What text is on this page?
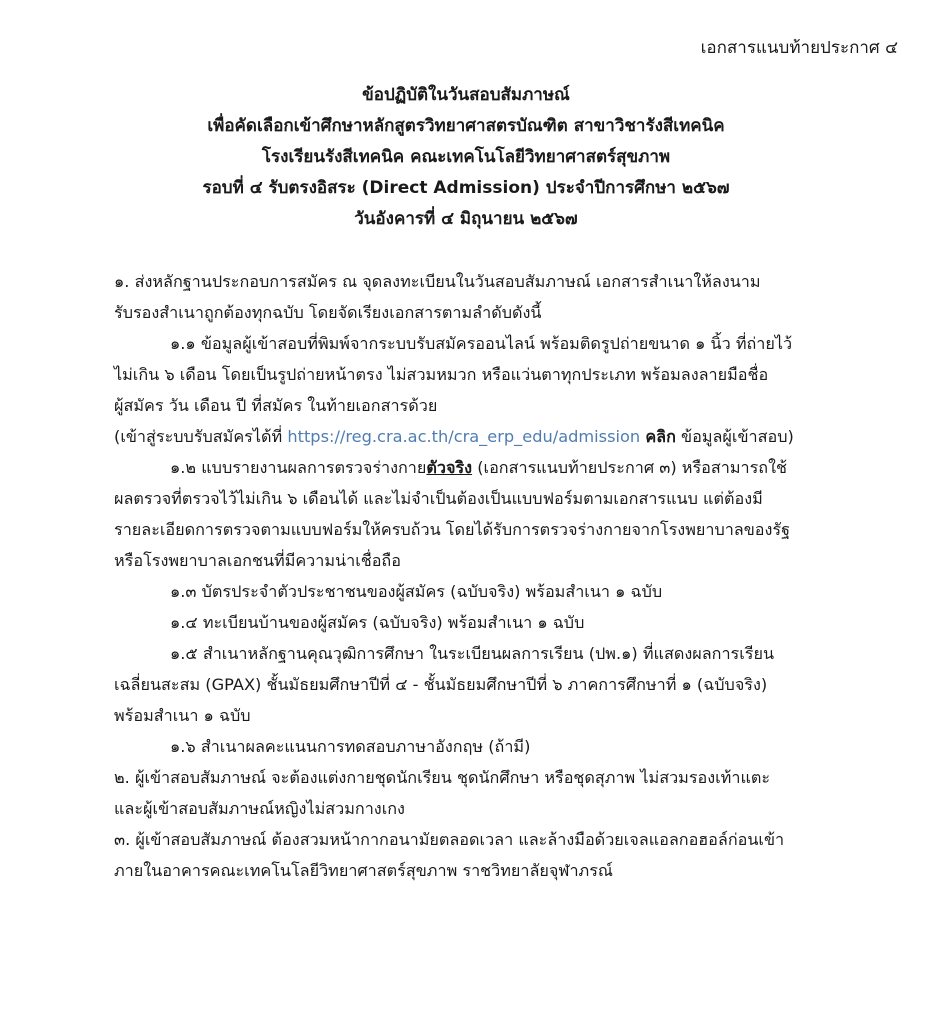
เอกสารแนบท้ายประกาศ ๔
ข้อปฏิบัติในวันสอบสัมภาษณ์
เพื่อคัดเลือกเข้าศึกษาหลักสูตรวิทยาศาสตรบัณฑิต สาขาวิชารังสีเทคนิค
โรงเรียนรังสีเทคนิค คณะเทคโนโลยีวิทยาศาสตร์สุขภาพ
รอบที่ ๔ รับตรงอิสระ (Direct Admission) ประจำปีการศึกษา ๒๕๖๗
วันอังคารที่ ๔ มิถุนายน ๒๕๖๗
๑. ส่งหลักฐานประกอบการสมัคร ณ จุดลงทะเบียนในวันสอบสัมภาษณ์ เอกสารสำเนาให้ลงนาม
รับรองสำเนาถูกต้องทุกฉบับ โดยจัดเรียงเอกสารตามลำดับดังนี้
๑.๑ ข้อมูลผู้เข้าสอบที่พิมพ์จากระบบรับสมัครออนไลน์ พร้อมติดรูปถ่ายขนาด ๑ นิ้ว ที่ถ่ายไว้
ไม่เกิน ๖ เดือน โดยเป็นรูปถ่ายหน้าตรง ไม่สวมหมวก หรือแว่นตาทุกประเภท พร้อมลงลายมือชื่อ
ผู้สมัคร วัน เดือน ปี ที่สมัคร ในท้ายเอกสารด้วย
(เข้าสู่ระบบรับสมัครได้ที่ https://reg.cra.ac.th/cra_erp_edu/admission คลิก ข้อมูลผู้เข้าสอบ)
๑.๒ แบบรายงานผลการตรวจร่างกายตัวจริง (เอกสารแนบท้ายประกาศ ๓) หรือสามารถใช้
ผลตรวจที่ตรวจไว้ไม่เกิน ๖ เดือนได้ และไม่จำเป็นต้องเป็นแบบฟอร์มตามเอกสารแนบ แต่ต้องมี
รายละเอียดการตรวจตามแบบฟอร์มให้ครบถ้วน โดยได้รับการตรวจร่างกายจากโรงพยาบาลของรัฐ
หรือโรงพยาบาลเอกชนที่มีความน่าเชื่อถือ
๑.๓ บัตรประจำตัวประชาชนของผู้สมัคร (ฉบับจริง) พร้อมสำเนา ๑ ฉบับ
๑.๔ ทะเบียนบ้านของผู้สมัคร (ฉบับจริง) พร้อมสำเนา ๑ ฉบับ
๑.๕ สำเนาหลักฐานคุณวุฒิการศึกษา ในระเบียนผลการเรียน (ปพ.๑) ที่แสดงผลการเรียน
เฉลี่ยนสะสม (GPAX) ชั้นมัธยมศึกษาปีที่ ๔ - ชั้นมัธยมศึกษาปีที่ ๖ ภาคการศึกษาที่ ๑ (ฉบับจริง)
พร้อมสำเนา ๑ ฉบับ
๑.๖ สำเนาผลคะแนนการทดสอบภาษาอังกฤษ (ถ้ามี)
๒. ผู้เข้าสอบสัมภาษณ์ จะต้องแต่งกายชุดนักเรียน ชุดนักศึกษา หรือชุดสุภาพ ไม่สวมรองเท้าแตะ
และผู้เข้าสอบสัมภาษณ์หญิงไม่สวมกางเกง
๓. ผู้เข้าสอบสัมภาษณ์ ต้องสวมหน้ากากอนามัยตลอดเวลา และล้างมือด้วยเจลแอลกอฮอล์ก่อนเข้า
ภายในอาคารคณะเทคโนโลยีวิทยาศาสตร์สุขภาพ ราชวิทยาลัยจุฬาภรณ์
